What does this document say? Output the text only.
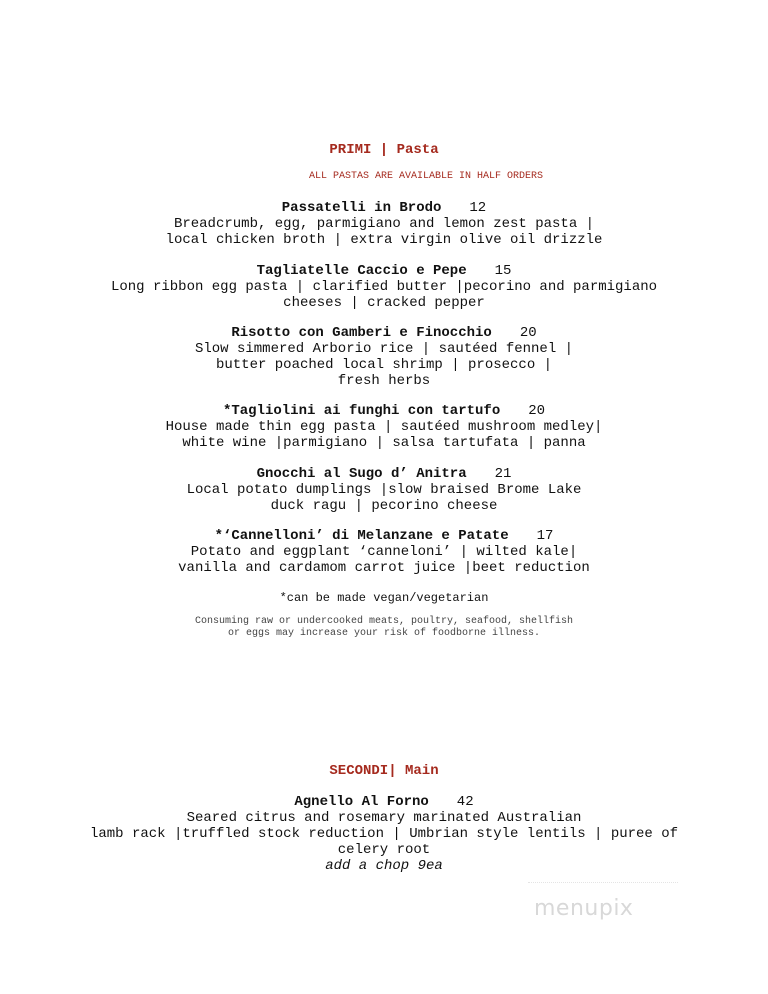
PRIMI | Pasta
ALL PASTAS ARE AVAILABLE IN HALF ORDERS
Passatelli in Brodo 12
Breadcrumb, egg, parmigiano and lemon zest pasta |
local chicken broth | extra virgin olive oil drizzle
Tagliatelle Caccio e Pepe 15
Long ribbon egg pasta | clarified butter |pecorino and parmigiano
cheeses | cracked pepper
Risotto con Gamberi e Finocchio 20
Slow simmered Arborio rice | sautéed fennel |
butter poached local shrimp | prosecco |
fresh herbs
*Tagliolini ai funghi con tartufo 20
House made thin egg pasta | sautéed mushroom medley|
white wine |parmigiano | salsa tartufata | panna
Gnocchi al Sugo d’ Anitra 21
Local potato dumplings |slow braised Brome Lake
duck ragu | pecorino cheese
*‘Cannelloni’ di Melanzane e Patate 17
Potato and eggplant ‘canneloni’ | wilted kale|
vanilla and cardamom carrot juice |beet reduction
*can be made vegan/vegetarian
Consuming raw or undercooked meats, poultry, seafood, shellfish
or eggs may increase your risk of foodborne illness.
SECONDI| Main
Agnello Al Forno 42
Seared citrus and rosemary marinated Australian
lamb rack |truffled stock reduction | Umbrian style lentils | puree of
celery root
add a chop 9ea
menupix
